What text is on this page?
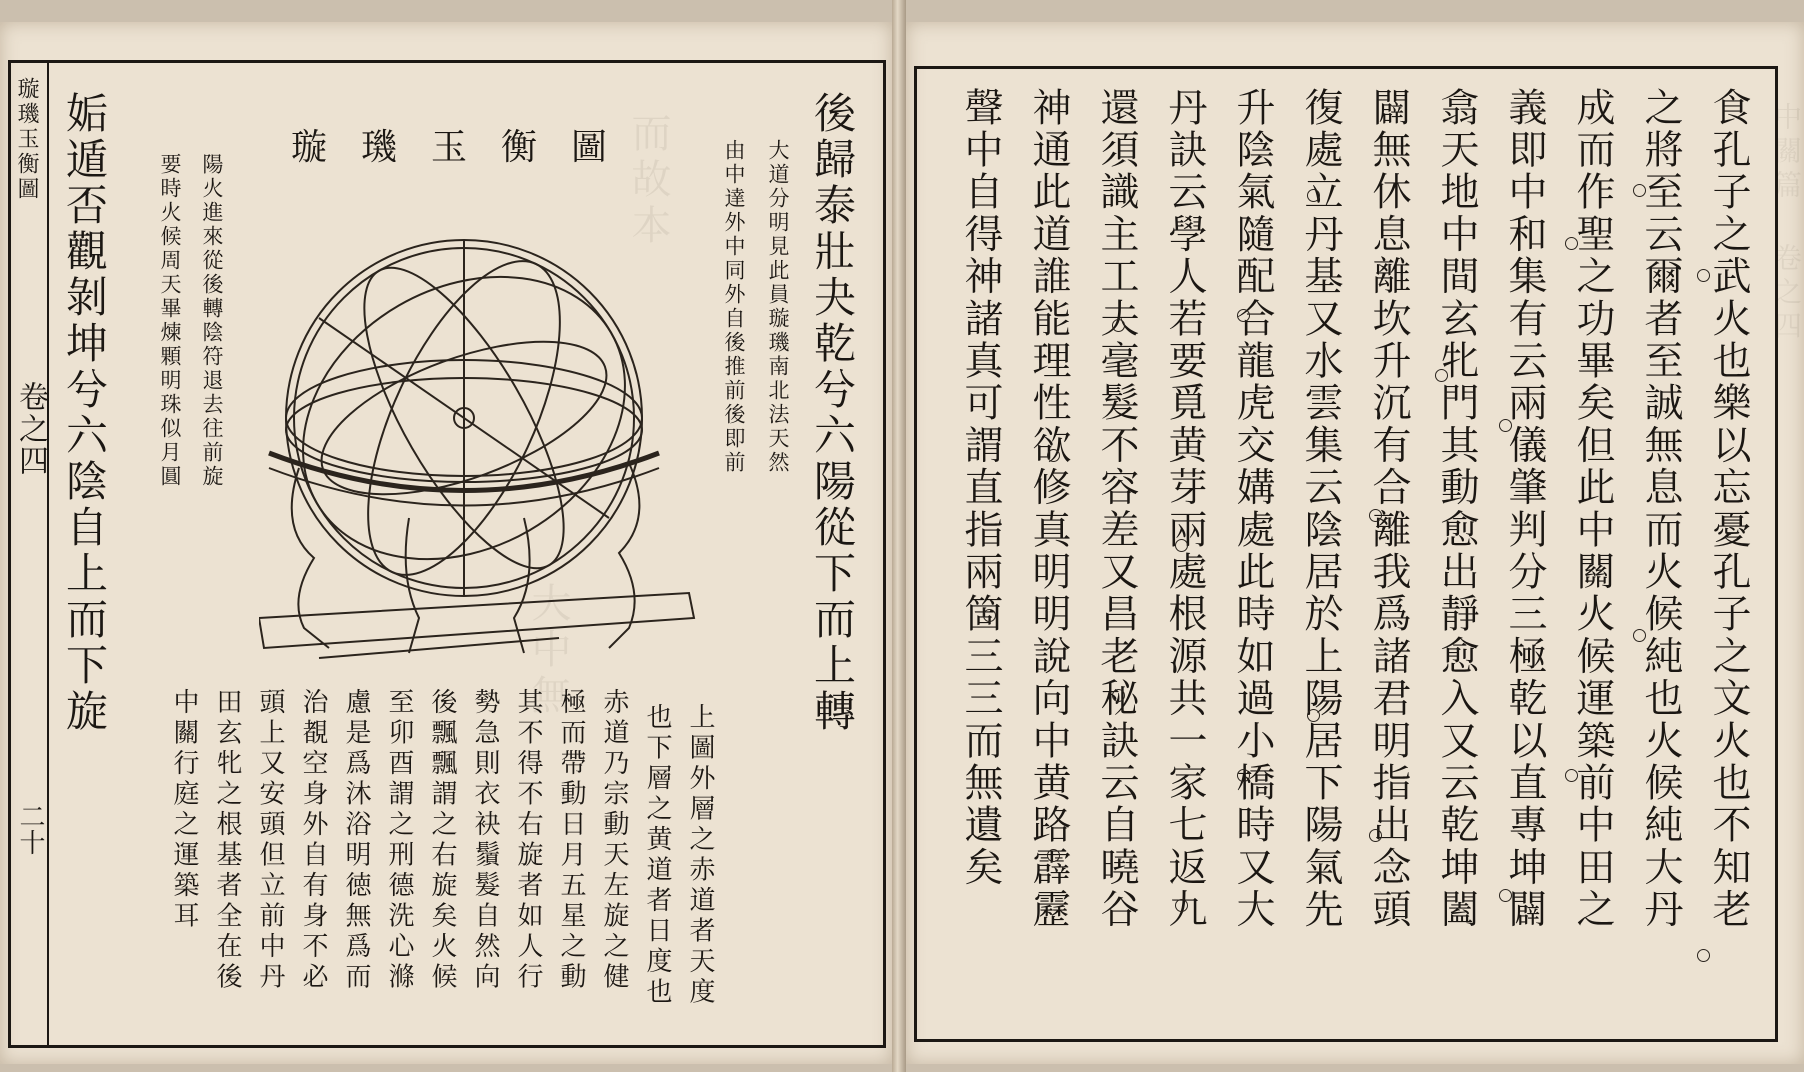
而故本
大中無
璇璣玉衡圖
卷之四
二十
後歸泰壯夬乾兮六陽從下而上轉
姤遁否觀剝坤兮六陰自上而下旋	璇璣玉衡圖	大道分明見此員璇璣南北法天然
由中達外中同外自後推前後即前
陽火進來從後轉陰符退去往前旋
要時火候周天畢煉顆明珠似月圓
上圖外層之赤道者天度
也下層之黄道者日度也
赤道乃宗動天左旋之健
極而帶動日月五星之動
其不得不右旋者如人行
勢急則衣袂鬚髮自然向
後飄飄謂之右旋矣火候
至卯酉謂之刑德洗心滌
慮是爲沐浴明徳無爲而
治覩空身外自有身不必
頭上又安頭但立前中丹
田玄牝之根基者全在後
中關行庭之運築耳
中關篇 卷之四
食孔子之武火也樂以忘憂孔子之文火也不知老
之將至云爾者至誠無息而火候純也火候純大丹
成而作聖之功畢矣但此中關火候運築前中田之
義即中和集有云兩儀肇判分三極乾以直專坤闢
翕天地中間玄牝門其動愈出靜愈入又云乾坤闔
闢無休息離坎升沉有合離我爲諸君明指出念頭
復處立丹基又水雲集云陰居於上陽居下陽氣先
升陰氣隨配合龍虎交媾處此時如過小橋時又大
丹訣云學人若要覓黄芽兩處根源共一家七返九
還須識主工夫毫髮不容差又昌老秘訣云自曉谷
神通此道誰能理性欲修真明明說向中黄路霹靂
聲中自得神諸真可謂直指兩箇三三而無遺矣
